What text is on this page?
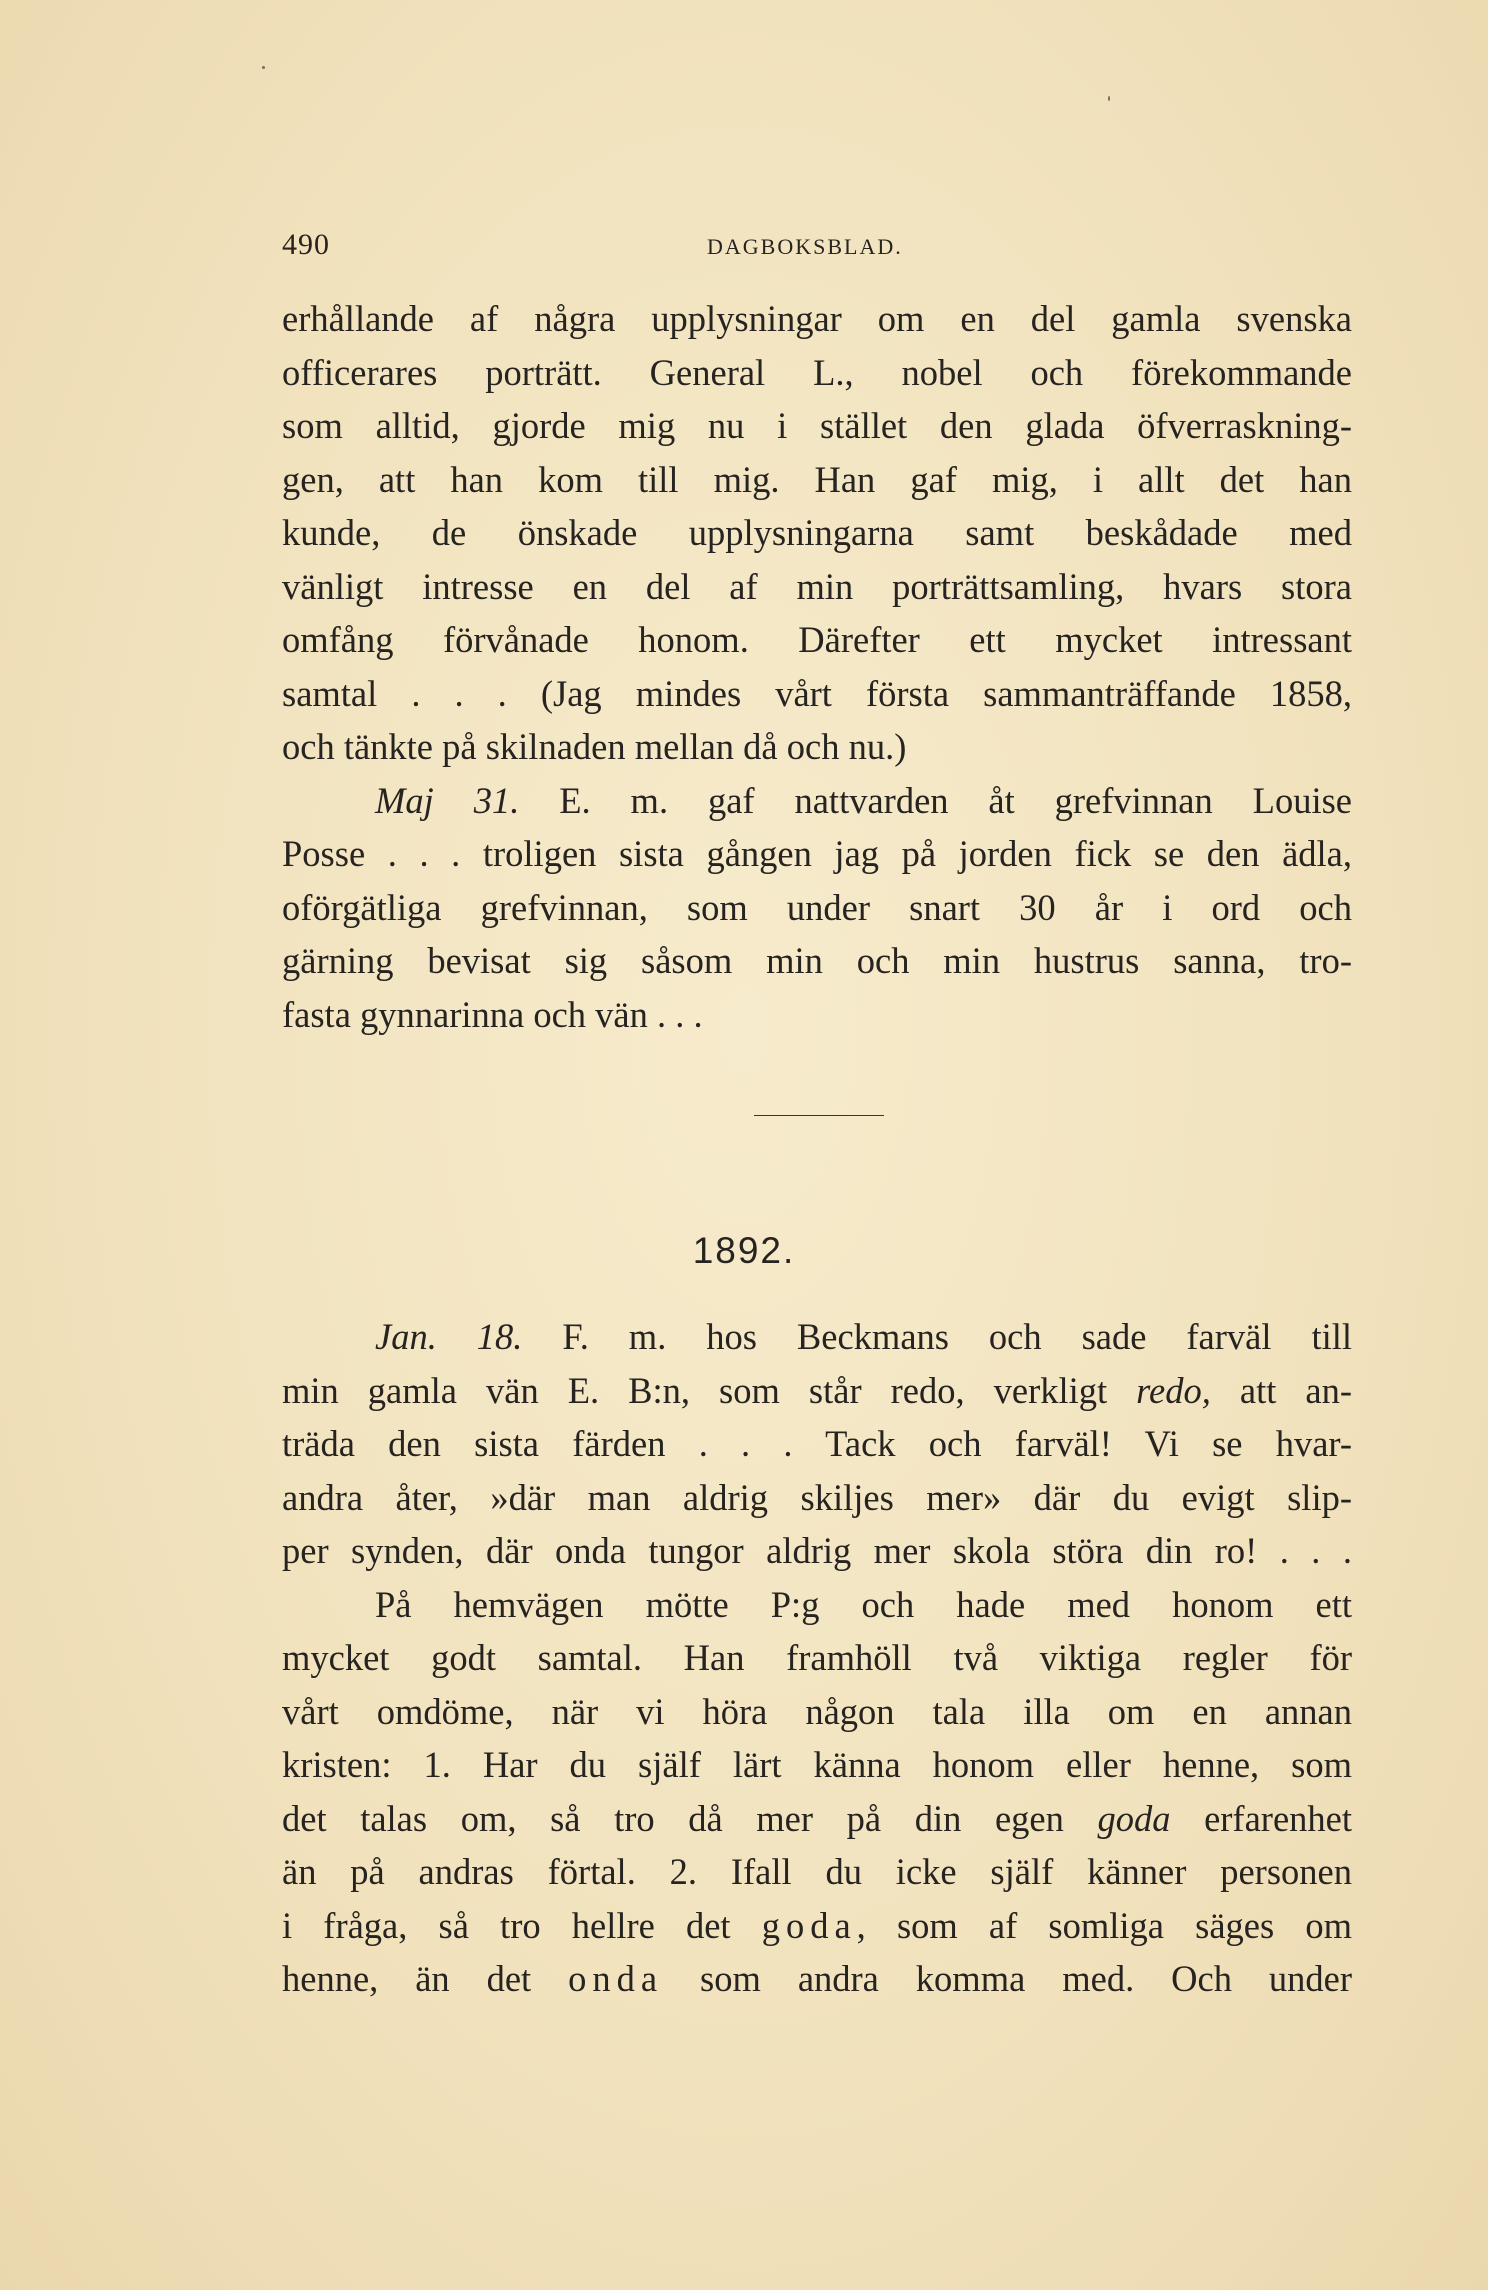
490	DAGBOKSBLAD.
erhållande af några upplysningar om en del gamla svenska
officerares porträtt. General L., nobel och förekommande
som alltid, gjorde mig nu i stället den glada öfverraskning-
gen, att han kom till mig. Han gaf mig, i allt det han
kunde, de önskade upplysningarna samt beskådade med
vänligt intresse en del af min porträttsamling, hvars stora
omfång förvånade honom. Därefter ett mycket intressant
samtal . . . (Jag mindes vårt första sammanträffande 1858,
och tänkte på skilnaden mellan då och nu.)
Maj 31. E. m. gaf nattvarden åt grefvinnan Louise
Posse . . . troligen sista gången jag på jorden fick se den ädla,
oförgätliga grefvinnan, som under snart 30 år i ord och
gärning bevisat sig såsom min och min hustrus sanna, tro-
fasta gynnarinna och vän . . .
1892.
Jan. 18. F. m. hos Beckmans och sade farväl till
min gamla vän E. B:n, som står redo, verkligt redo, att an-
träda den sista färden . . . Tack och farväl! Vi se hvar-
andra åter, »där man aldrig skiljes mer» där du evigt slip-
per synden, där onda tungor aldrig mer skola störa din ro! . . .
På hemvägen mötte P:g och hade med honom ett
mycket godt samtal. Han framhöll två viktiga regler för
vårt omdöme, när vi höra någon tala illa om en annan
kristen: 1. Har du själf lärt känna honom eller henne, som
det talas om, så tro då mer på din egen goda erfarenhet
än på andras förtal. 2. Ifall du icke själf känner personen
i fråga, så tro hellre det goda, som af somliga säges om
henne, än det onda som andra komma med. Och under
